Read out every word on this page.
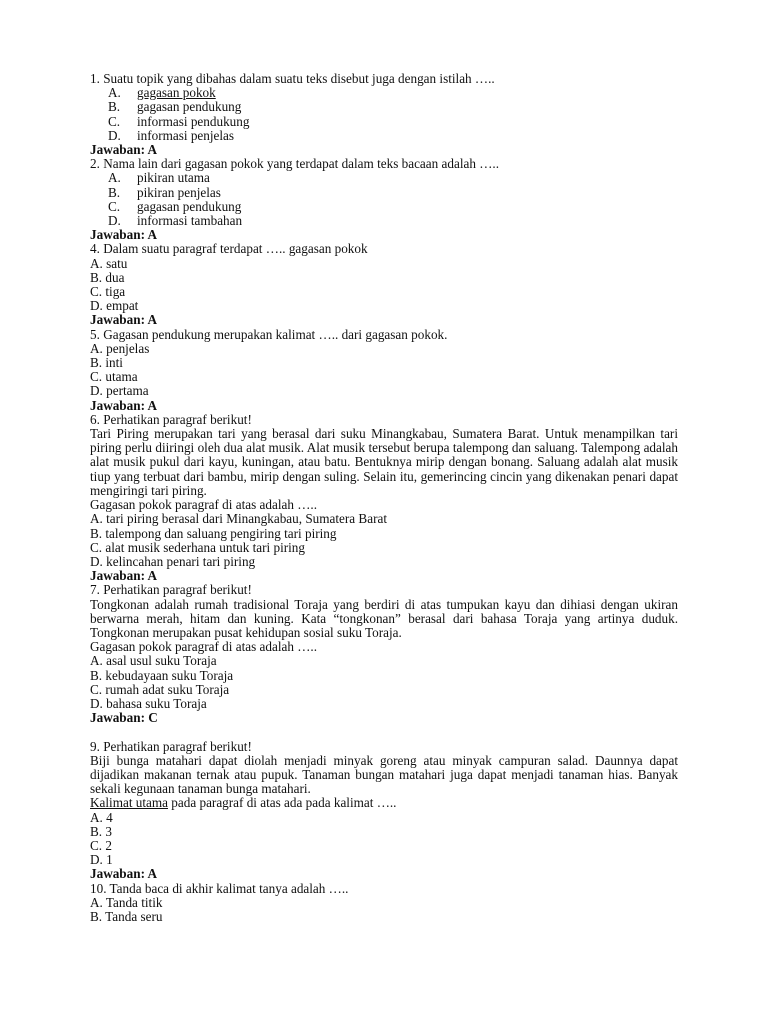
1. Suatu topik yang dibahas dalam suatu teks disebut juga dengan istilah …..
A. gagasan pokok
B. gagasan pendukung
C. informasi pendukung
D. informasi penjelas
Jawaban: A
2. Nama lain dari gagasan pokok yang terdapat dalam teks bacaan adalah …..
A. pikiran utama
B. pikiran penjelas
C. gagasan pendukung
D. informasi tambahan
Jawaban: A
4. Dalam suatu paragraf terdapat ….. gagasan pokok
A. satu
B. dua
C. tiga
D. empat
Jawaban: A
5. Gagasan pendukung merupakan kalimat ….. dari gagasan pokok.
A. penjelas
B. inti
C. utama
D. pertama
Jawaban: A
6. Perhatikan paragraf berikut!
Tari Piring merupakan tari yang berasal dari suku Minangkabau, Sumatera Barat. Untuk menampilkan tari piring perlu diiringi oleh dua alat musik. Alat musik tersebut berupa talempong dan saluang. Talempong adalah alat musik pukul dari kayu, kuningan, atau batu. Bentuknya mirip dengan bonang. Saluang adalah alat musik tiup yang terbuat dari bambu, mirip dengan suling. Selain itu, gemerincing cincin yang dikenakan penari dapat mengiringi tari piring.
Gagasan pokok paragraf di atas adalah …..
A. tari piring berasal dari Minangkabau, Sumatera Barat
B. talempong dan saluang pengiring tari piring
C. alat musik sederhana untuk tari piring
D. kelincahan penari tari piring
Jawaban: A
7. Perhatikan paragraf berikut!
Tongkonan adalah rumah tradisional Toraja yang berdiri di atas tumpukan kayu dan dihiasi dengan ukiran berwarna merah, hitam dan kuning. Kata “tongkonan” berasal dari bahasa Toraja yang artinya duduk. Tongkonan merupakan pusat kehidupan sosial suku Toraja.
Gagasan pokok paragraf di atas adalah …..
A. asal usul suku Toraja
B. kebudayaan suku Toraja
C. rumah adat suku Toraja
D. bahasa suku Toraja
Jawaban: C
9. Perhatikan paragraf berikut!
Biji bunga matahari dapat diolah menjadi minyak goreng atau minyak campuran salad. Daunnya dapat dijadikan makanan ternak atau pupuk. Tanaman bungan matahari juga dapat menjadi tanaman hias. Banyak sekali kegunaan tanaman bunga matahari.
Kalimat utama pada paragraf di atas ada pada kalimat …..
A. 4
B. 3
C. 2
D. 1
Jawaban: A
10. Tanda baca di akhir kalimat tanya adalah …..
A. Tanda titik
B. Tanda seru
